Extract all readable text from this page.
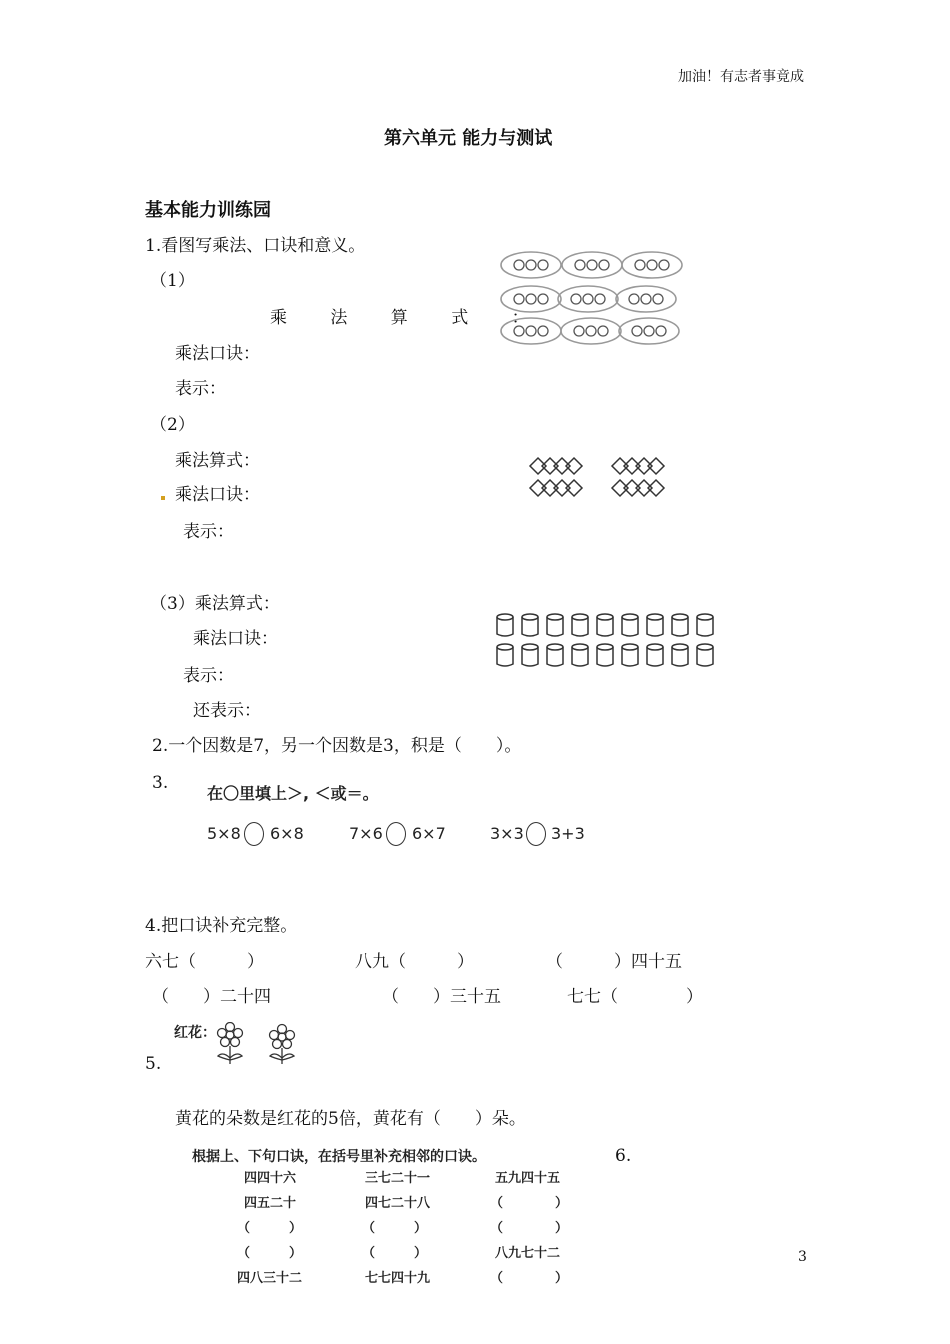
加油！有志者事竟成
第六单元 能力与测试
基本能力训练园
1.看图写乘法、口诀和意义。
（1）
乘 法 算 式 ：
乘法口诀：
表示：
（2）
乘法算式：
乘法口诀：
表示：
（3）乘法算式：
乘法口诀：
表示：
还表示：
2.一个因数是7，另一个因数是3，积是（　　）。
3.
在〇里填上＞, ＜或＝。
5×8 6×8	7×6 6×7	3×3 3+3
4.把口诀补充完整。
六七（　　　）	八九（　　　）	（　　　）四十五
（　　）二十四	（　　）三十五	七七（　　　　）
红花：
5.
黄花的朵数是红花的5倍，黄花有（　　）朵。
6.
根据上、下句口诀，在括号里补充相邻的口诀。
四四十六	三七二十一	五九四十五
四五二十	四七二十八	（　　　　）
（　　　）	（　　　）	（　　　　）
（　　　）	（　　　）	八九七十二
四八三十二	七七四十九	（　　　　）
3
